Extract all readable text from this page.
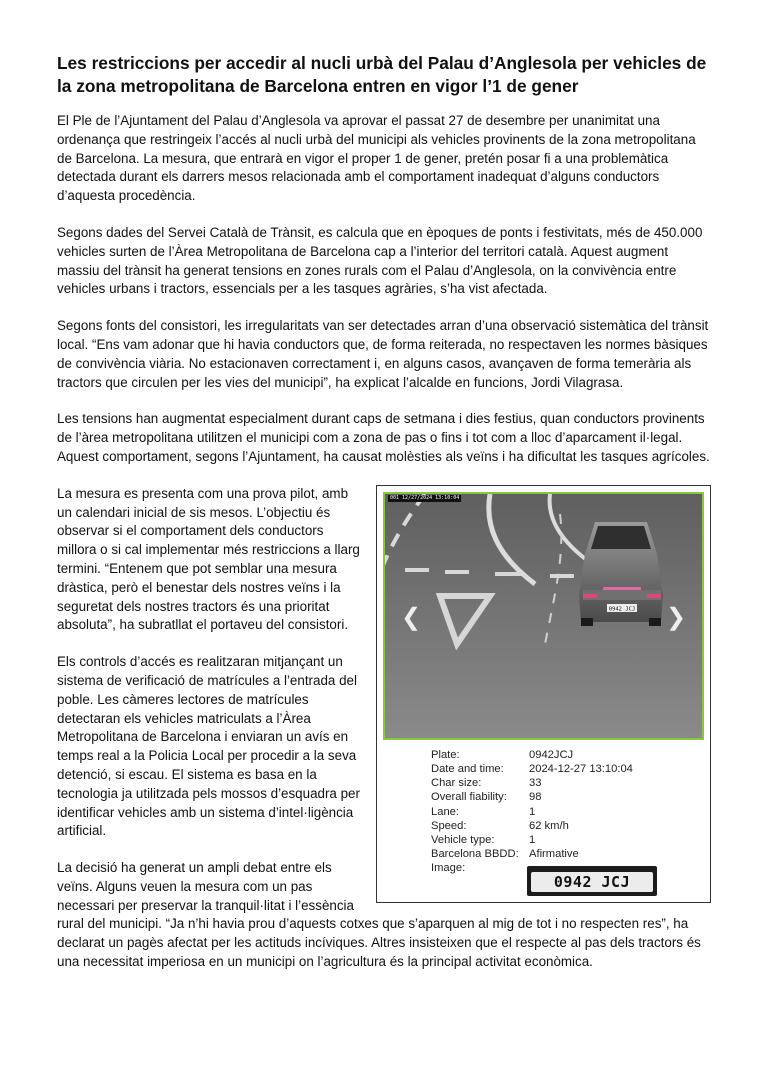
Les restriccions per accedir al nucli urbà del Palau d’Anglesola per vehicles de la zona metropolitana de Barcelona entren en vigor l’1 de gener

El Ple de l’Ajuntament del Palau d’Anglesola va aprovar el passat 27 de desembre per unanimitat una ordenança que restringeix l’accés al nucli urbà del municipi als vehicles provinents de la zona metropolitana de Barcelona. La mesura, que entrarà en vigor el proper 1 de gener, pretén posar fi a una problemàtica detectada durant els darrers mesos relacionada amb el comportament inadequat d’alguns conductors d’aquesta procedència.

Segons dades del Servei Català de Trànsit, es calcula que en èpoques de ponts i festivitats, més de 450.000 vehicles surten de l’Àrea Metropolitana de Barcelona cap a l’interior del territori català. Aquest augment massiu del trànsit ha generat tensions en zones rurals com el Palau d’Anglesola, on la convivència entre vehicles urbans i tractors, essencials per a les tasques agràries, s’ha vist afectada.

Segons fonts del consistori, les irregularitats van ser detectades arran d’una observació sistemàtica del trànsit local. “Ens vam adonar que hi havia conductors que, de forma reiterada, no respectaven les normes bàsiques de convivència viària. No estacionaven correctament i, en alguns casos, avançaven de forma temerària als tractors que circulen per les vies del municipi”, ha explicat l’alcalde en funcions, Jordi Vilagrasa.

Les tensions han augmentat especialment durant caps de setmana i dies festius, quan conductors provinents de l’àrea metropolitana utilitzen el municipi com a zona de pas o fins i tot com a lloc d’aparcament il·legal. Aquest comportament, segons l’Ajuntament, ha causat molèsties als veïns i ha dificultat les tasques agrícoles.

0942 JCJ
001 12/27/2024 13:10:04
❮	❯
Plate:	0942JCJ
Date and time:	2024-12-27 13:10:04
Char size:	33
Overall fiability:	98
Lane:	1
Speed:	62 km/h
Vehicle type:	1
Barcelona BBDD: Afirmative
Image:
0942 JCJ

La mesura es presenta com una prova pilot, amb un calendari inicial de sis mesos. L’objectiu és observar si el comportament dels conductors millora o si cal implementar més restriccions a llarg termini. “Entenem que pot semblar una mesura dràstica, però el benestar dels nostres veïns i la seguretat dels nostres tractors és una prioritat absoluta”, ha subratllat el portaveu del consistori.

Els controls d’accés es realitzaran mitjançant un sistema de verificació de matrícules a l’entrada del poble. Les càmeres lectores de matrícules detectaran els vehicles matriculats a l’Àrea Metropolitana de Barcelona i enviaran un avís en temps real a la Policia Local per procedir a la seva detenció, si escau. El sistema es basa en la tecnologia ja utilitzada pels mossos d’esquadra per identificar vehicles amb un sistema d’intel·ligència artificial.

La decisió ha generat un ampli debat entre els veïns. Alguns veuen la mesura com un pas necessari per preservar la tranquil·litat i l’essència rural del municipi. “Ja n’hi havia prou d’aquests cotxes que s’aparquen al mig de tot i no respecten res”, ha declarat un pagès afectat per les actituds incíviques. Altres insisteixen que el respecte al pas dels tractors és una necessitat imperiosa en un municipi on l’agricultura és la principal activitat econòmica.
